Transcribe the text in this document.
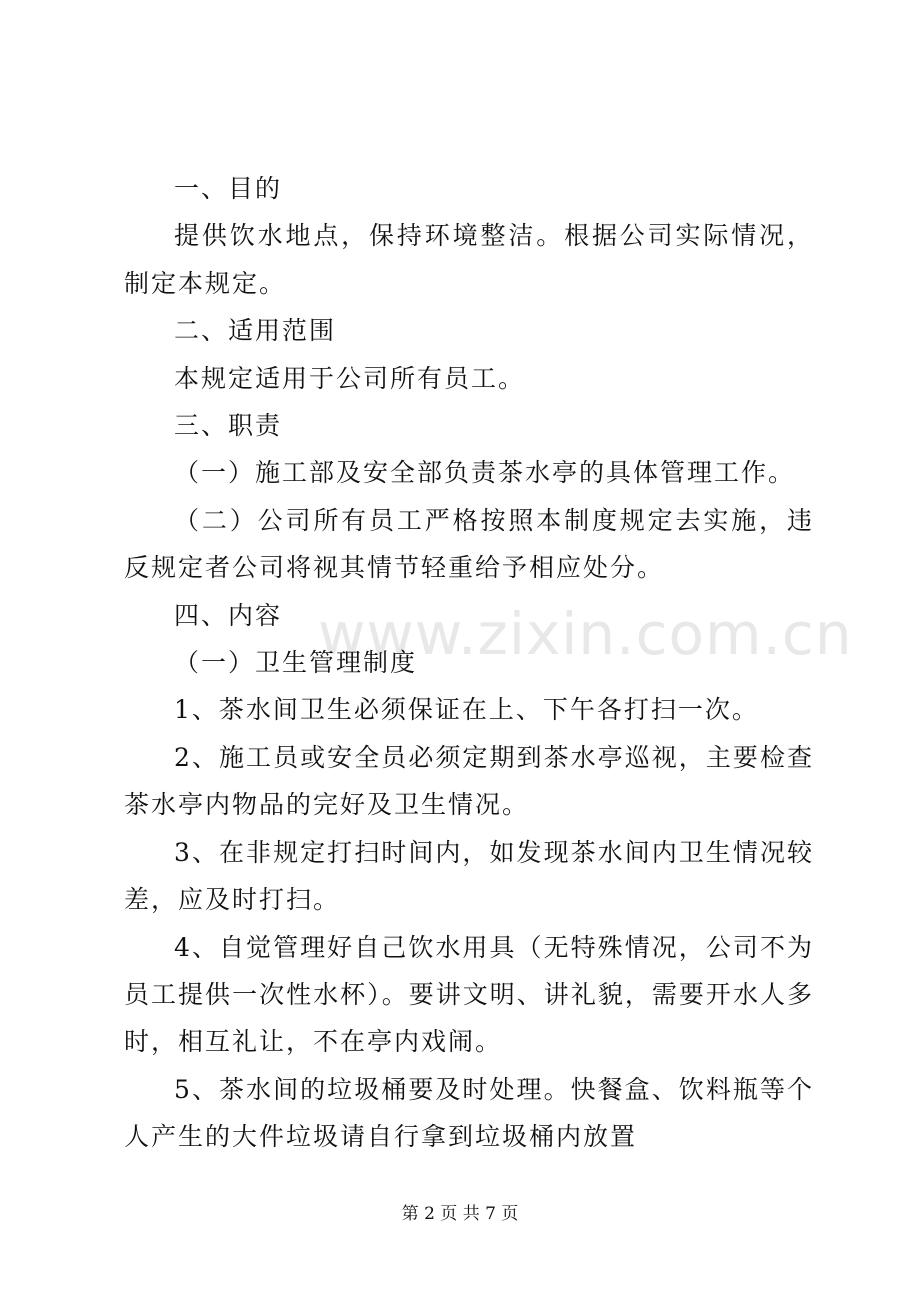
www.zixin.com.cn

一、目的

提供饮水地点，保持环境整洁。根据公司实际情况，制定本规定。

二、适用范围

本规定适用于公司所有员工。

三、职责

（一）施工部及安全部负责茶水亭的具体管理工作。

（二）公司所有员工严格按照本制度规定去实施，违反规定者公司将视其情节轻重给予相应处分。

四、内容

（一）卫生管理制度

1、茶水间卫生必须保证在上、下午各打扫一次。

2、施工员或安全员必须定期到茶水亭巡视，主要检查茶水亭内物品的完好及卫生情况。

3、在非规定打扫时间内，如发现茶水间内卫生情况较差，应及时打扫。

4、自觉管理好自己饮水用具（无特殊情况，公司不为员工提供一次性水杯）。要讲文明、讲礼貌，需要开水人多时，相互礼让，不在亭内戏闹。

5、茶水间的垃圾桶要及时处理。快餐盒、饮料瓶等个人产生的大件垃圾请自行拿到垃圾桶内放置

第 2 页 共 7 页
